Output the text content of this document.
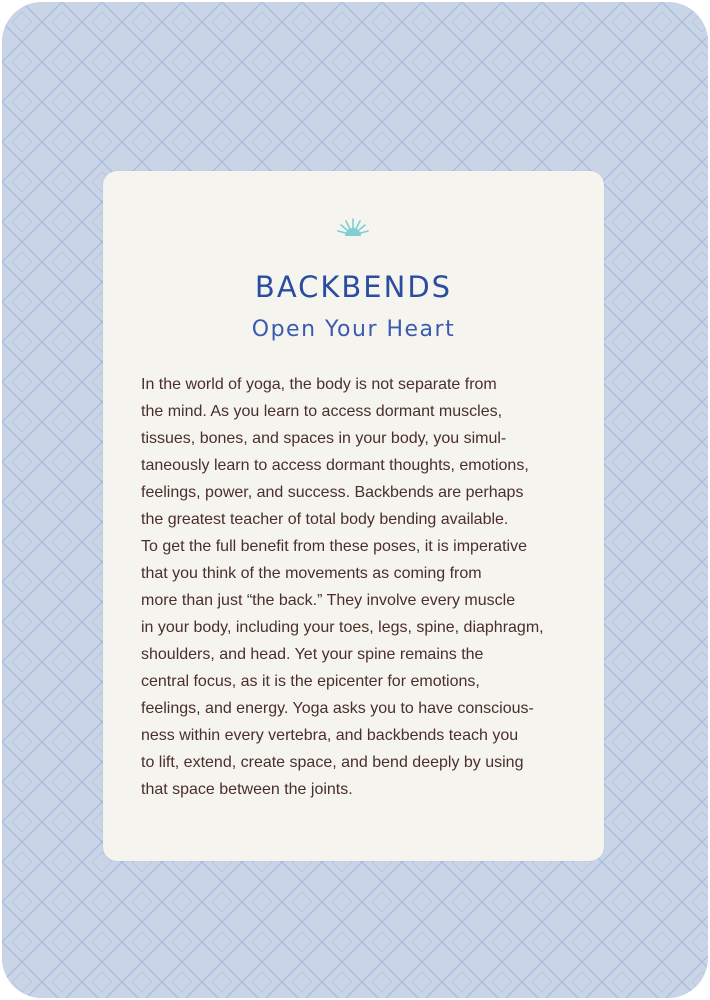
BACKBENDS
Open Your Heart

In the world of yoga, the body is not separate from
the mind. As you learn to access dormant muscles,
tissues, bones, and spaces in your body, you simul-
taneously learn to access dormant thoughts, emotions,
feelings, power, and success. Backbends are perhaps
the greatest teacher of total body bending available.
To get the full benefit from these poses, it is imperative
that you think of the movements as coming from
more than just “the back.” They involve every muscle
in your body, including your toes, legs, spine, diaphragm,
shoulders, and head. Yet your spine remains the
central focus, as it is the epicenter for emotions,
feelings, and energy. Yoga asks you to have conscious-
ness within every vertebra, and backbends teach you
to lift, extend, create space, and bend deeply by using
that space between the joints.
